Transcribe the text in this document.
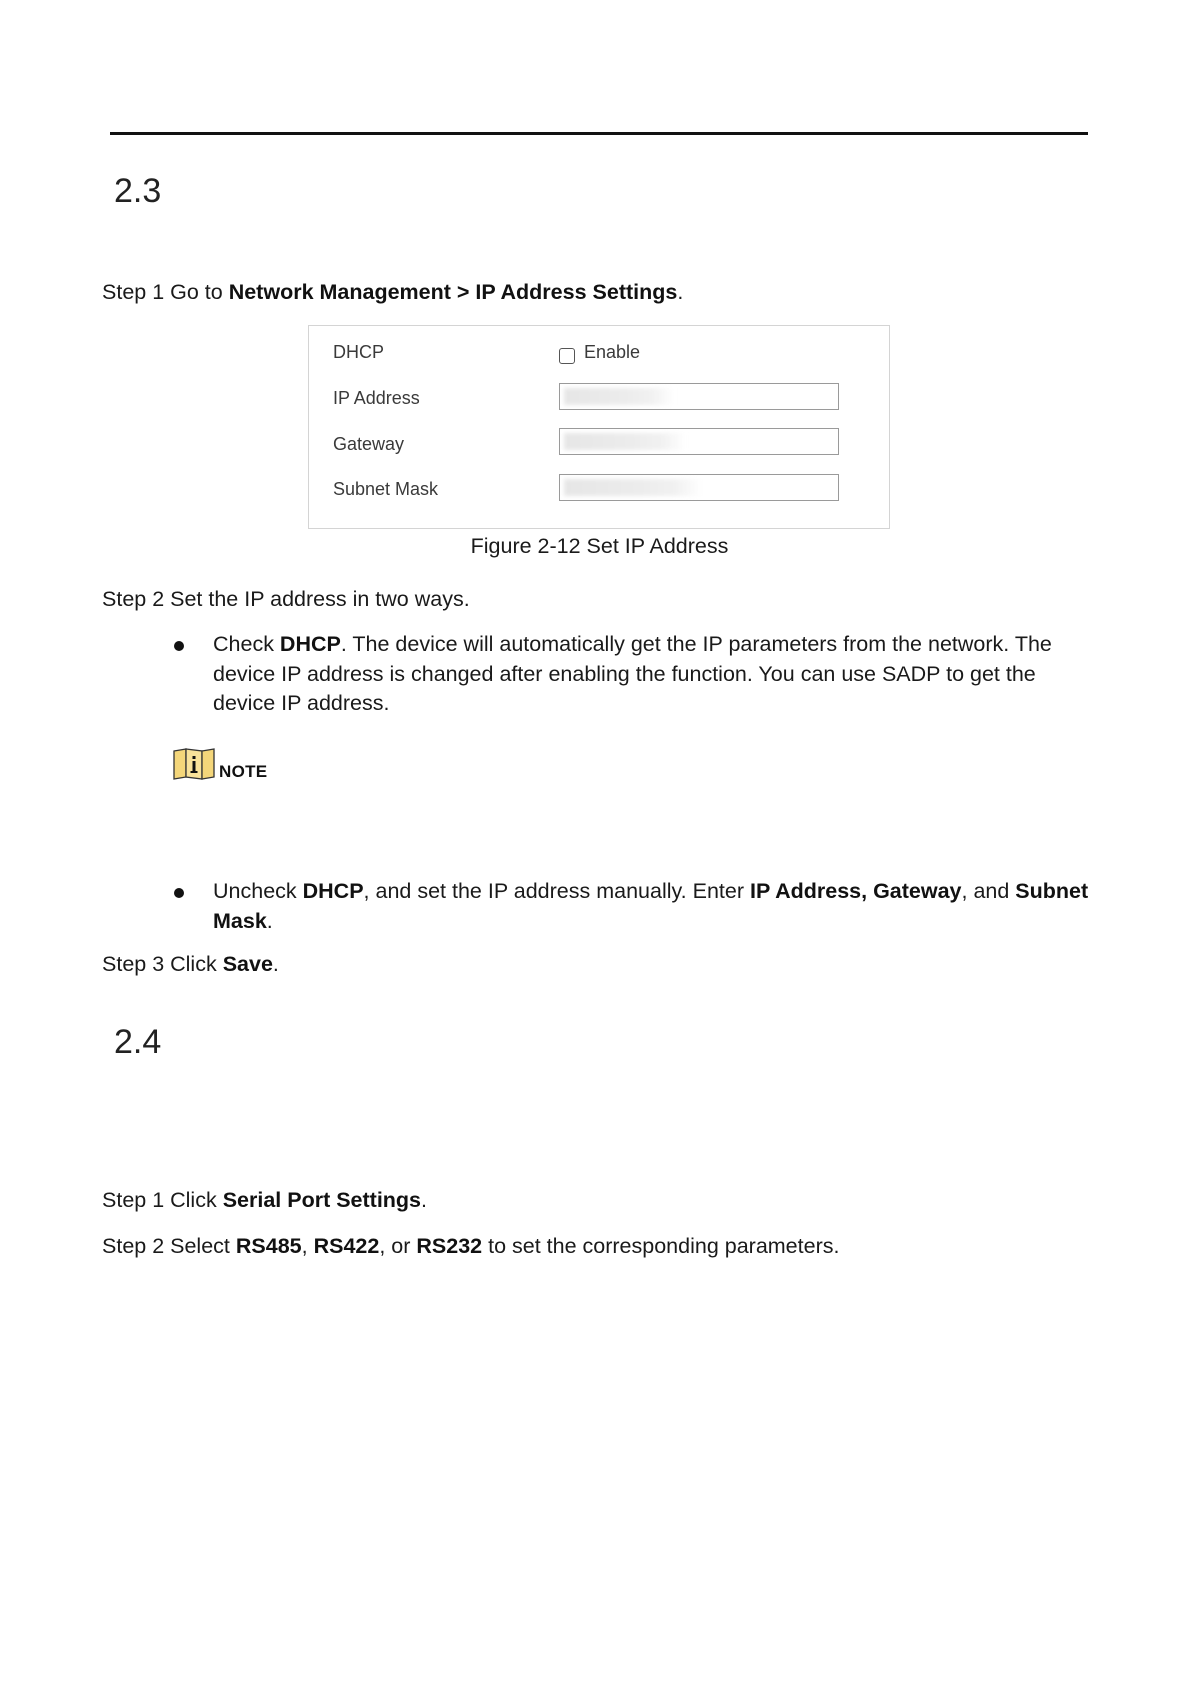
2.3
Step 1 Go to Network Management > IP Address Settings.
DHCP	Enable
IP Address
Gateway
Subnet Mask
Figure 2-12 Set IP Address
Step 2 Set the IP address in two ways.
Check DHCP. The device will automatically get the IP parameters from the network. The device IP address is changed after enabling the function. You can use SADP to get the device IP address.
NOTE
Uncheck DHCP, and set the IP address manually. Enter IP Address, Gateway, and Subnet Mask.
Step 3 Click Save.
2.4
Step 1 Click Serial Port Settings.
Step 2 Select RS485, RS422, or RS232 to set the corresponding parameters.
